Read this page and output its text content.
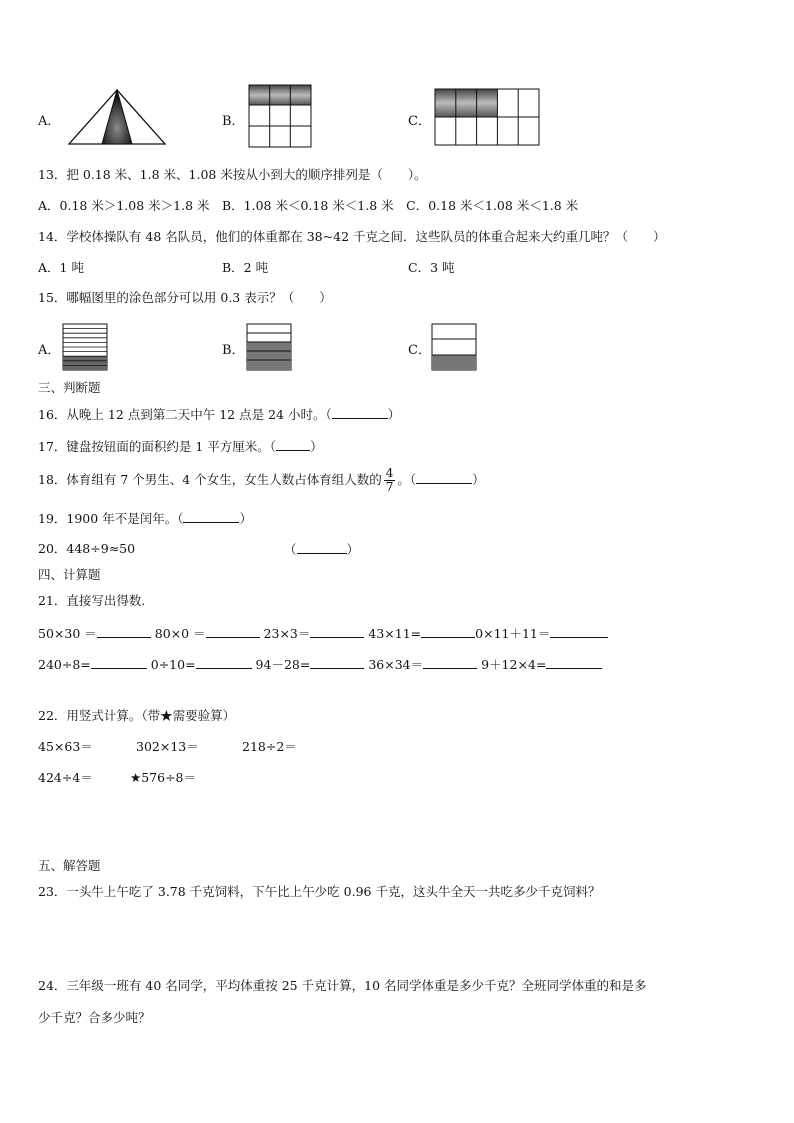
A．	B．	C．
13．把 0.18 米、1.8 米、1.08 米按从小到大的顺序排列是（　　）。
A．0.18 米＞1.08 米＞1.8 米　B．1.08 米＜0.18 米＜1.8 米　C．0.18 米＜1.08 米＜1.8 米
14．学校体操队有 48 名队员，他们的体重都在 38~42 千克之间．这些队员的体重合起来大约重几吨？（　　）
A．1 吨	B．2 吨	C．3 吨
15．哪幅图里的涂色部分可以用 0.3 表示？（　　）
A．	B．	C．
三、判断题
16．从晚上 12 点到第二天中午 12 点是 24 小时。（	）
17．键盘按钮面的面积约是 1 平方厘米。（	）
18．体育组有 7 个男生、4 个女生，女生人数占体育组人数的 $\frac{4}{7}$ 。（	）
19．1900 年不是闰年。（	）
20．448÷9≈50	（	）
四、计算题
21．直接写出得数.
50×30 ＝	80×0 ＝	23×3＝	43×11=	0×11＋11＝
240÷8=	0÷10=	94－28=	36×34＝	9＋12×4=
22．用竖式计算。（带★需要验算）
45×63＝	302×13＝	218÷2＝
424÷4＝	★576÷8＝
五、解答题
23．一头牛上午吃了 3.78 千克饲料，下午比上午少吃 0.96 千克，这头牛全天一共吃多少千克饲料？
24．三年级一班有 40 名同学，平均体重按 25 千克计算，10 名同学体重是多少千克？全班同学体重的和是多
少千克？合多少吨？
